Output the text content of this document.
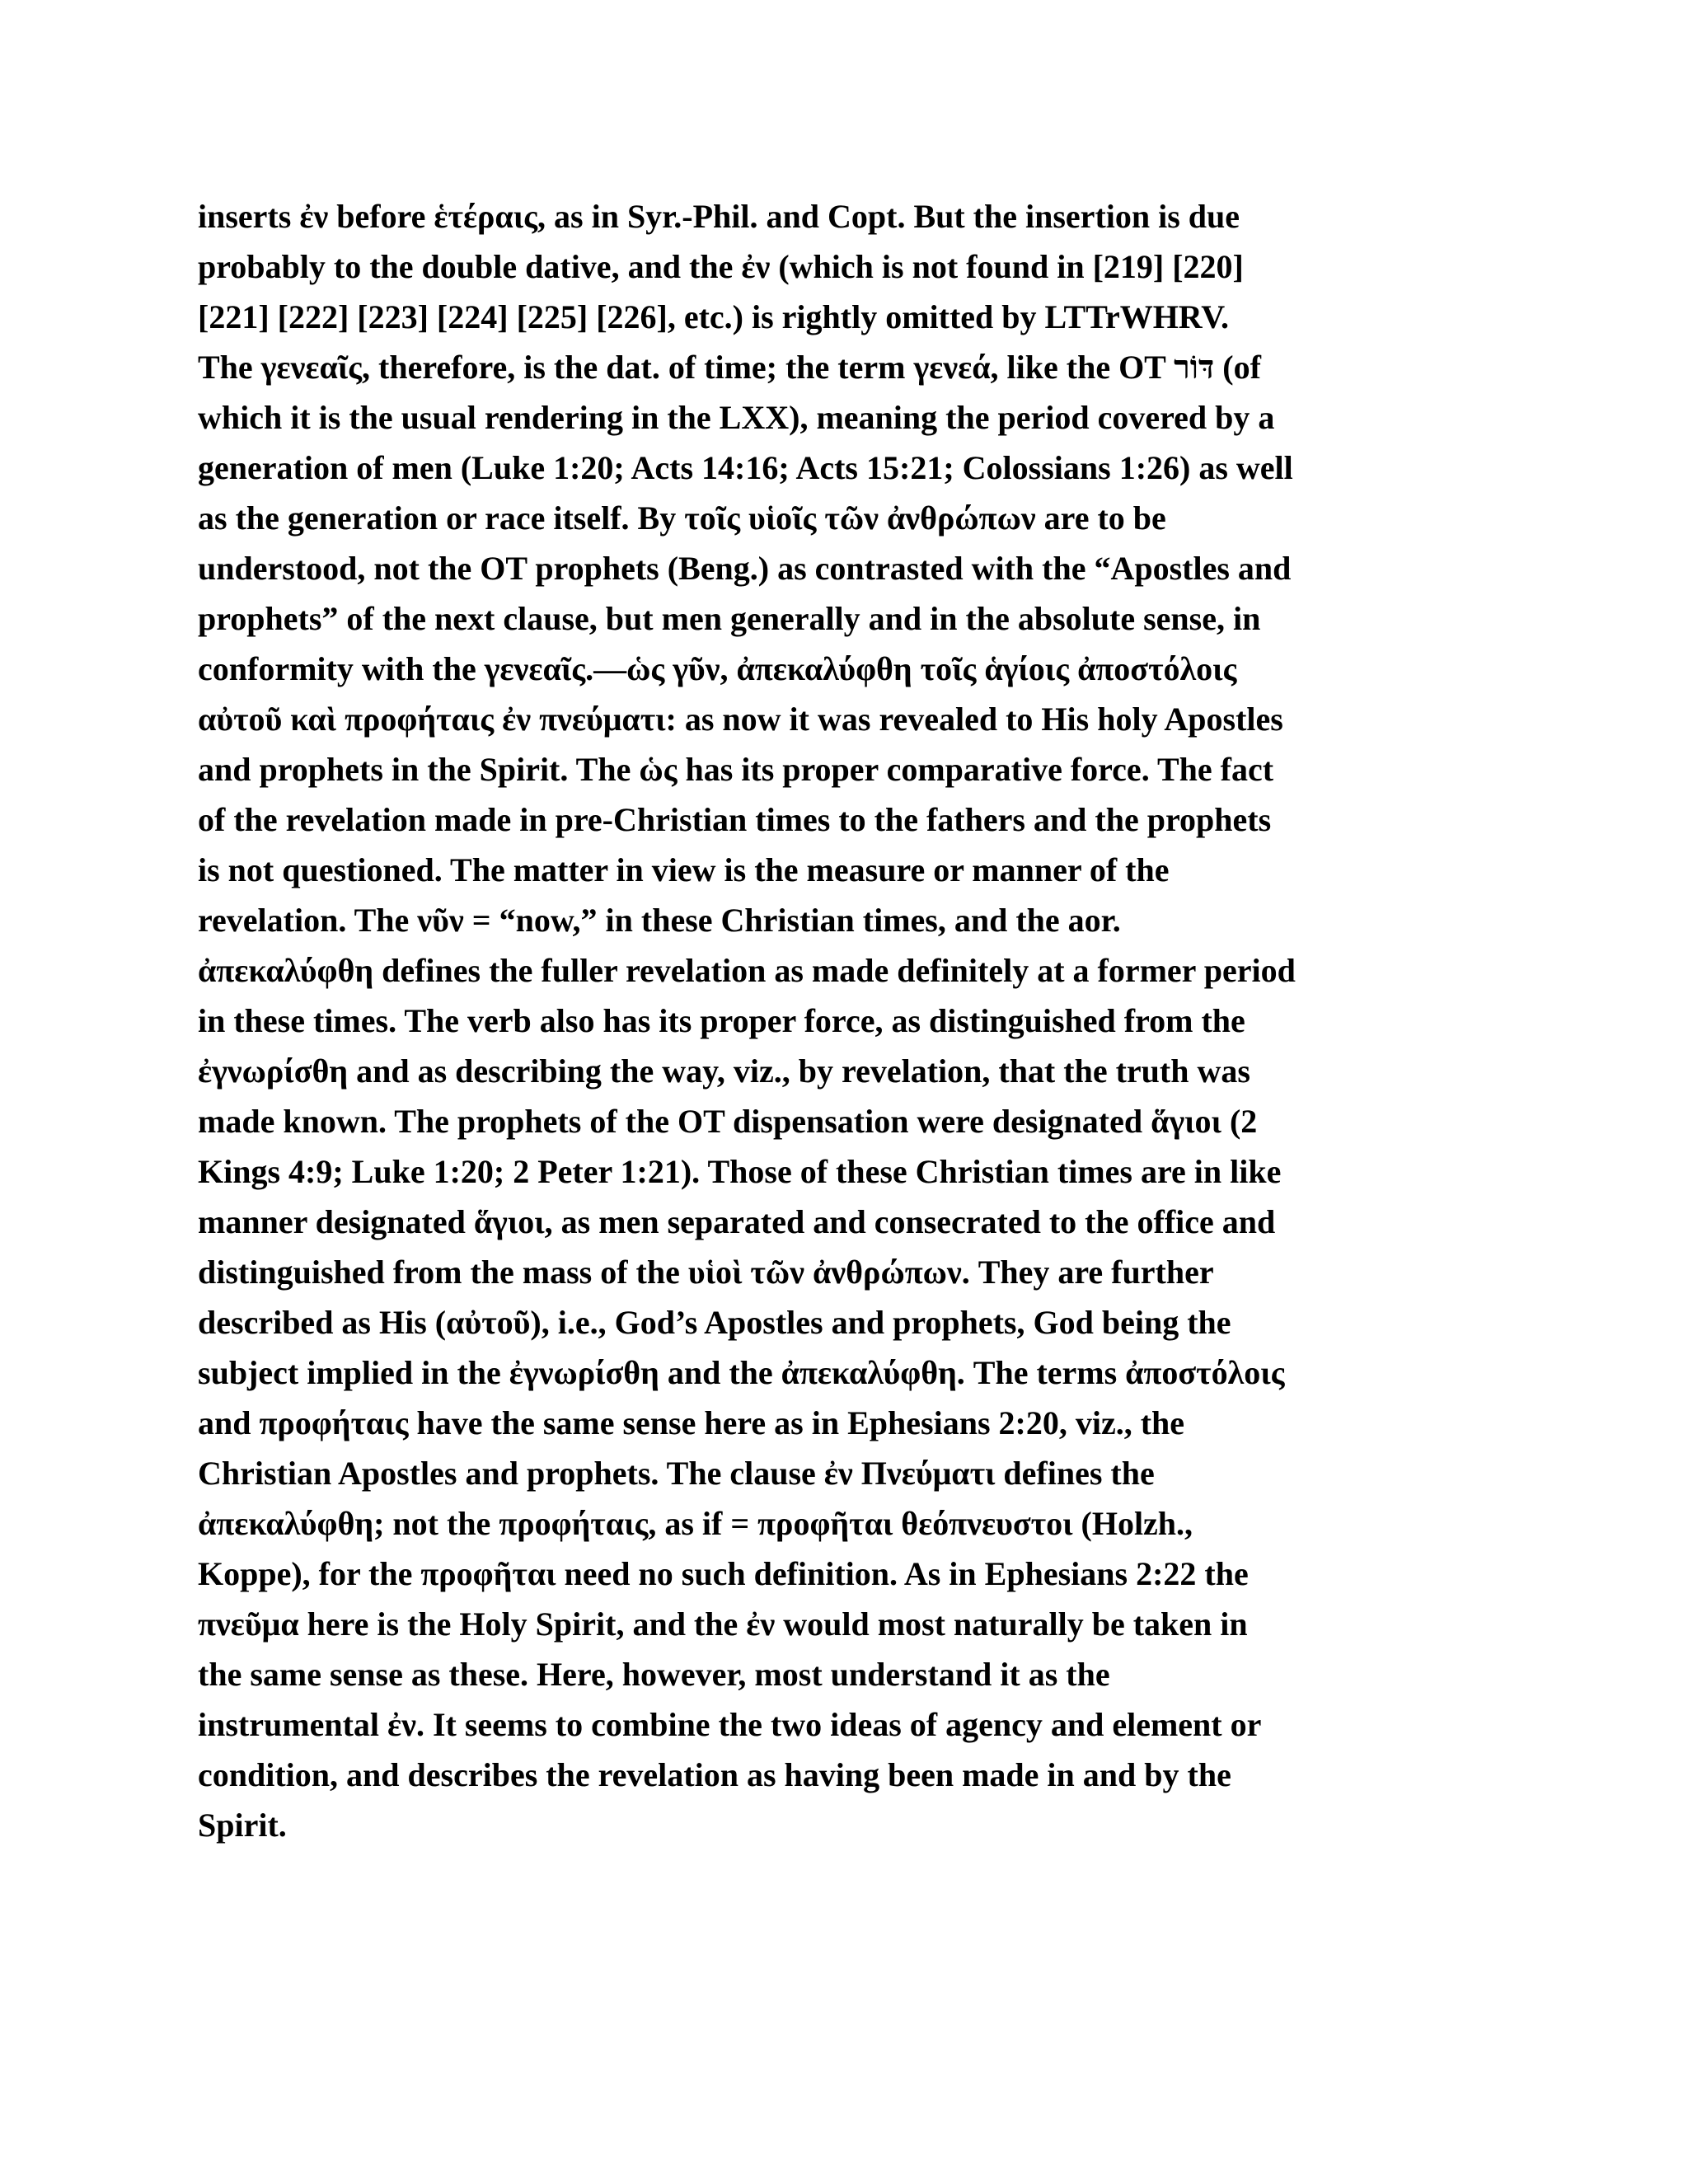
inserts ἐν before ἑτέραις, as in Syr.-Phil. and Copt. But the insertion is due
probably to the double dative, and the ἐν (which is not found in [219] [220]
[221] [222] [223] [224] [225] [226], etc.) is rightly omitted by LTTrWHRV.
The γενεαῖς, therefore, is the dat. of time; the term γενεά, like the OT דּוֹר (of
which it is the usual rendering in the LXX), meaning the period covered by a
generation of men (Luke 1:20; Acts 14:16; Acts 15:21; Colossians 1:26) as well
as the generation or race itself. By τοῖς υἱοῖς τῶν ἀνθρώπων are to be
understood, not the OT prophets (Beng.) as contrasted with the “Apostles and
prophets” of the next clause, but men generally and in the absolute sense, in
conformity with the γενεαῖς.—ὡς γῦν, ἀπεκαλύφθη τοῖς ἁγίοις ἀποστόλοις
αὐτοῦ καὶ προφήταις ἐν πνεύματι: as now it was revealed to His holy Apostles
and prophets in the Spirit. The ὡς has its proper comparative force. The fact
of the revelation made in pre-Christian times to the fathers and the prophets
is not questioned. The matter in view is the measure or manner of the
revelation. The νῦν = “now,” in these Christian times, and the aor.
ἀπεκαλύφθη defines the fuller revelation as made definitely at a former period
in these times. The verb also has its proper force, as distinguished from the
ἐγνωρίσθη and as describing the way, viz., by revelation, that the truth was
made known. The prophets of the OT dispensation were designated ἅγιοι (2
Kings 4:9; Luke 1:20; 2 Peter 1:21). Those of these Christian times are in like
manner designated ἅγιοι, as men separated and consecrated to the office and
distinguished from the mass of the υἱοὶ τῶν ἀνθρώπων. They are further
described as His (αὐτοῦ), i.e., God’s Apostles and prophets, God being the
subject implied in the ἐγνωρίσθη and the ἀπεκαλύφθη. The terms ἀποστόλοις
and προφήταις have the same sense here as in Ephesians 2:20, viz., the
Christian Apostles and prophets. The clause ἐν Πνεύματι defines the
ἀπεκαλύφθη; not the προφήταις, as if = προφῆται θεόπνευστοι (Holzh.,
Koppe), for the προφῆται need no such definition. As in Ephesians 2:22 the
πνεῦμα here is the Holy Spirit, and the ἐν would most naturally be taken in
the same sense as these. Here, however, most understand it as the
instrumental ἐν. It seems to combine the two ideas of agency and element or
condition, and describes the revelation as having been made in and by the
Spirit.
